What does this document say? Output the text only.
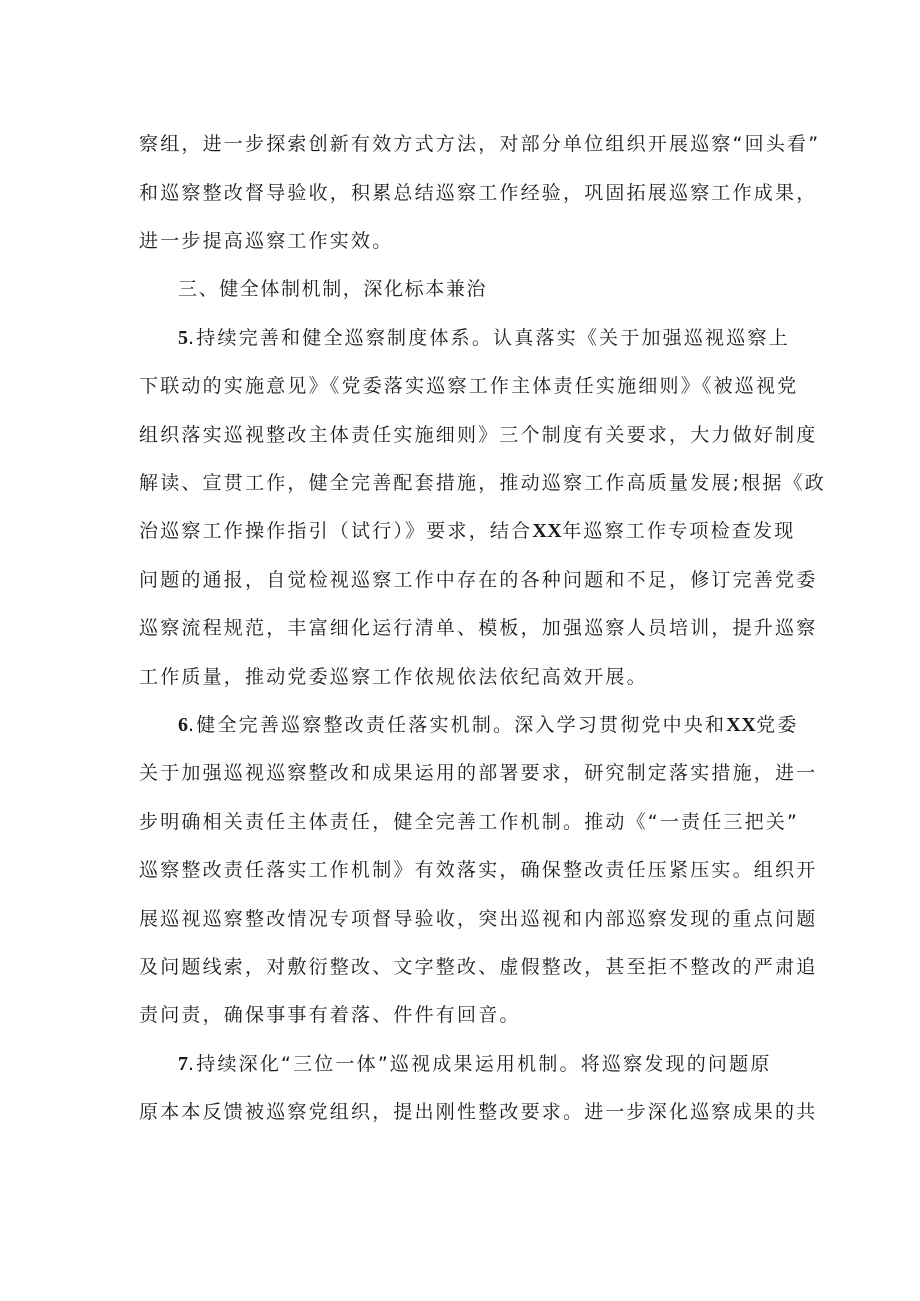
察组，进一步探索创新有效方式方法，对部分单位组织开展巡察“回头看”
和巡察整改督导验收，积累总结巡察工作经验，巩固拓展巡察工作成果，
进一步提高巡察工作实效。
三、健全体制机制，深化标本兼治
5.持续完善和健全巡察制度体系。认真落实《关于加强巡视巡察上
下联动的实施意见》《党委落实巡察工作主体责任实施细则》《被巡视党
组织落实巡视整改主体责任实施细则》三个制度有关要求，大力做好制度
解读、宣贯工作，健全完善配套措施，推动巡察工作高质量发展;根据《政
治巡察工作操作指引（试行）》要求，结合XX年巡察工作专项检查发现
问题的通报，自觉检视巡察工作中存在的各种问题和不足，修订完善党委
巡察流程规范，丰富细化运行清单、模板，加强巡察人员培训，提升巡察
工作质量，推动党委巡察工作依规依法依纪高效开展。
6.健全完善巡察整改责任落实机制。深入学习贯彻党中央和XX党委
关于加强巡视巡察整改和成果运用的部署要求，研究制定落实措施，进一
步明确相关责任主体责任，健全完善工作机制。推动《“一责任三把关”
巡察整改责任落实工作机制》有效落实，确保整改责任压紧压实。组织开
展巡视巡察整改情况专项督导验收，突出巡视和内部巡察发现的重点问题
及问题线索，对敷衍整改、文字整改、虚假整改，甚至拒不整改的严肃追
责问责，确保事事有着落、件件有回音。
7.持续深化“三位一体”巡视成果运用机制。将巡察发现的问题原
原本本反馈被巡察党组织，提出刚性整改要求。进一步深化巡察成果的共
